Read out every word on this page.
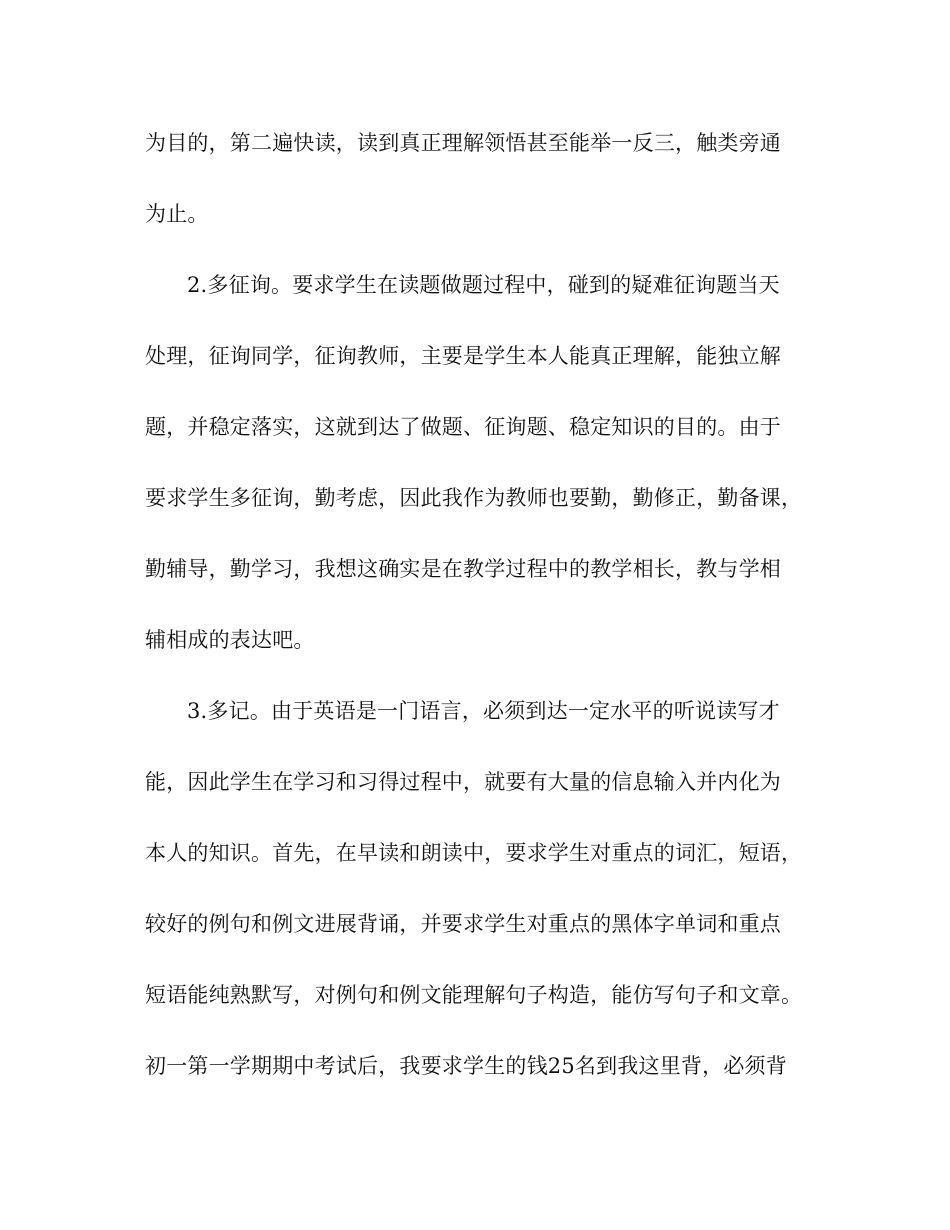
为目的，第二遍快读，读到真正理解领悟甚至能举一反三，触类旁通
为止。
2.多征询。要求学生在读题做题过程中，碰到的疑难征询题当天
处理，征询同学，征询教师，主要是学生本人能真正理解，能独立解
题，并稳定落实，这就到达了做题、征询题、稳定知识的目的。由于
要求学生多征询，勤考虑，因此我作为教师也要勤，勤修正，勤备课，
勤辅导，勤学习，我想这确实是在教学过程中的教学相长，教与学相
辅相成的表达吧。
3.多记。由于英语是一门语言，必须到达一定水平的听说读写才
能，因此学生在学习和习得过程中，就要有大量的信息输入并内化为
本人的知识。首先，在早读和朗读中，要求学生对重点的词汇，短语，
较好的例句和例文进展背诵，并要求学生对重点的黑体字单词和重点
短语能纯熟默写，对例句和例文能理解句子构造，能仿写句子和文章。
初一第一学期期中考试后，我要求学生的钱25名到我这里背，必须背
